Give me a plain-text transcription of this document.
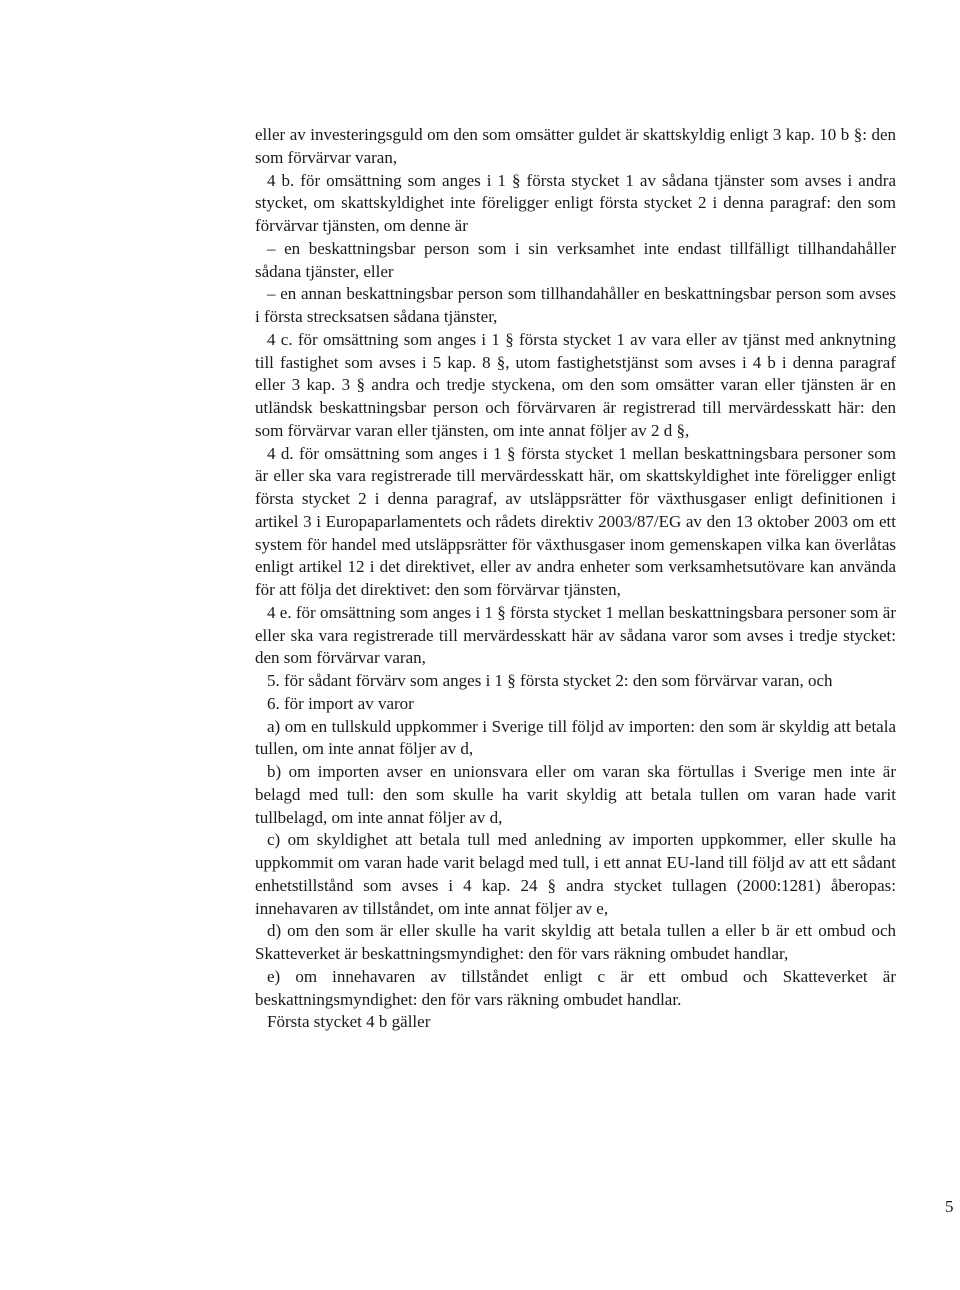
eller av investeringsguld om den som omsätter guldet är skattskyldig enligt 3 kap. 10 b §: den som förvärvar varan,

4 b. för omsättning som anges i 1 § första stycket 1 av sådana tjänster som avses i andra stycket, om skattskyldighet inte föreligger enligt första stycket 2 i denna paragraf: den som förvärvar tjänsten, om denne är

– en beskattningsbar person som i sin verksamhet inte endast tillfälligt tillhandahåller sådana tjänster, eller

– en annan beskattningsbar person som tillhandahåller en beskattningsbar person som avses i första strecksatsen sådana tjänster,

4 c. för omsättning som anges i 1 § första stycket 1 av vara eller av tjänst med anknytning till fastighet som avses i 5 kap. 8 §, utom fastighetstjänst som avses i 4 b i denna paragraf eller 3 kap. 3 § andra och tredje styckena, om den som omsätter varan eller tjänsten är en utländsk beskattningsbar person och förvärvaren är registrerad till mervärdesskatt här: den som förvärvar varan eller tjänsten, om inte annat följer av 2 d §,

4 d. för omsättning som anges i 1 § första stycket 1 mellan beskattningsbara personer som är eller ska vara registrerade till mervärdesskatt här, om skattskyldighet inte föreligger enligt första stycket 2 i denna paragraf, av utsläppsrätter för växthusgaser enligt definitionen i artikel 3 i Europaparlamentets och rådets direktiv 2003/87/EG av den 13 oktober 2003 om ett system för handel med utsläppsrätter för växthusgaser inom gemenskapen vilka kan överlåtas enligt artikel 12 i det direktivet, eller av andra enheter som verksamhetsutövare kan använda för att följa det direktivet: den som förvärvar tjänsten,

4 e. för omsättning som anges i 1 § första stycket 1 mellan beskattningsbara personer som är eller ska vara registrerade till mervärdesskatt här av sådana varor som avses i tredje stycket: den som förvärvar varan,

5. för sådant förvärv som anges i 1 § första stycket 2: den som förvärvar varan, och

6. för import av varor

a) om en tullskuld uppkommer i Sverige till följd av importen: den som är skyldig att betala tullen, om inte annat följer av d,

b) om importen avser en unionsvara eller om varan ska förtullas i Sverige men inte är belagd med tull: den som skulle ha varit skyldig att betala tullen om varan hade varit tullbelagd, om inte annat följer av d,

c) om skyldighet att betala tull med anledning av importen uppkommer, eller skulle ha uppkommit om varan hade varit belagd med tull, i ett annat EU-land till följd av att ett sådant enhetstillstånd som avses i 4 kap. 24 § andra stycket tullagen (2000:1281) åberopas: innehavaren av tillståndet, om inte annat följer av e,

d) om den som är eller skulle ha varit skyldig att betala tullen a eller b är ett ombud och Skatteverket är beskattningsmyndighet: den för vars räkning ombudet handlar,

e) om innehavaren av tillståndet enligt c är ett ombud och Skatteverket är beskattningsmyndighet: den för vars räkning ombudet handlar.

Första stycket 4 b gäller

5
